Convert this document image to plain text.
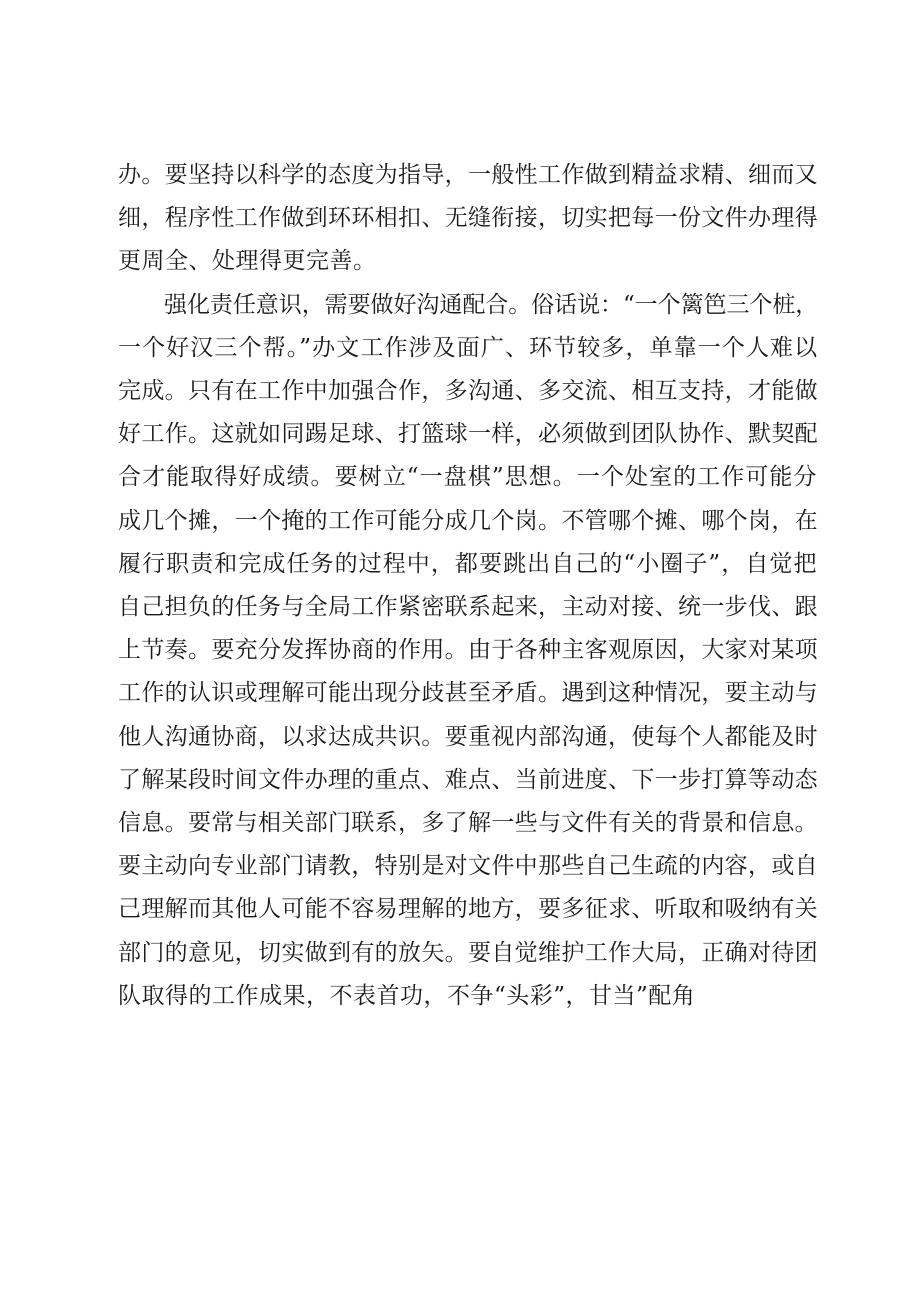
办。要坚持以科学的态度为指导，一般性工作做到精益求精、细而又
细，程序性工作做到环环相扣、无缝衔接，切实把每一份文件办理得
更周全、处理得更完善。
强化责任意识，需要做好沟通配合。俗话说：“一个篱笆三个桩，
一个好汉三个帮。”办文工作涉及面广、环节较多，单靠一个人难以
完成。只有在工作中加强合作，多沟通、多交流、相互支持，才能做
好工作。这就如同踢足球、打篮球一样，必须做到团队协作、默契配
合才能取得好成绩。要树立“一盘棋”思想。一个处室的工作可能分
成几个摊，一个掩的工作可能分成几个岗。不管哪个摊、哪个岗，在
履行职责和完成任务的过程中，都要跳出自己的“小圈子”，自觉把
自己担负的任务与全局工作紧密联系起来，主动对接、统一步伐、跟
上节奏。要充分发挥协商的作用。由于各种主客观原因，大家对某项
工作的认识或理解可能出现分歧甚至矛盾。遇到这种情况，要主动与
他人沟通协商，以求达成共识。要重视内部沟通，使每个人都能及时
了解某段时间文件办理的重点、难点、当前进度、下一步打算等动态
信息。要常与相关部门联系，多了解一些与文件有关的背景和信息。
要主动向专业部门请教，特别是对文件中那些自己生疏的内容，或自
己理解而其他人可能不容易理解的地方，要多征求、听取和吸纳有关
部门的意见，切实做到有的放矢。要自觉维护工作大局，正确对待团
队取得的工作成果，不表首功，不争“头彩”，甘当”配角
